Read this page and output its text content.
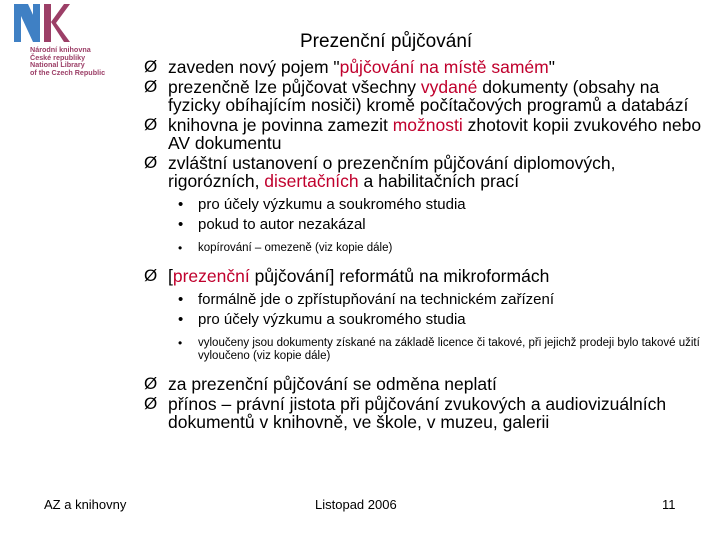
Národní knihovna
České republiky
National Library
of the Czech Republic
Prezenční půjčování
Ø zaveden nový pojem "půjčování na místě samém"
Ø prezenčně lze půjčovat všechny vydané dokumenty (obsahy na fyzicky obíhajícím nosiči) kromě počítačových programů a databází
Ø knihovna je povinna zamezit možnosti zhotovit kopii zvukového nebo AV dokumentu
Ø zvláštní ustanovení o prezenčním půjčování diplomových, rigorózních, disertačních a habilitačních prací
• pro účely výzkumu a soukromého studia
• pokud to autor nezakázal
• kopírování – omezeně (viz kopie dále)
Ø [prezenční půjčování] reformátů na mikroformách
• formálně jde o zpřístupňování na technickém zařízení
• pro účely výzkumu a soukromého studia
• vyloučeny jsou dokumenty získané na základě licence či takové, při jejichž prodeji bylo takové užití vyloučeno (viz kopie dále)
Ø za prezenční půjčování se odměna neplatí
Ø přínos – právní jistota při půjčování zvukových a audiovizuálních dokumentů v knihovně, ve škole, v muzeu, galerii
AZ a knihovny	Listopad 2006	11
